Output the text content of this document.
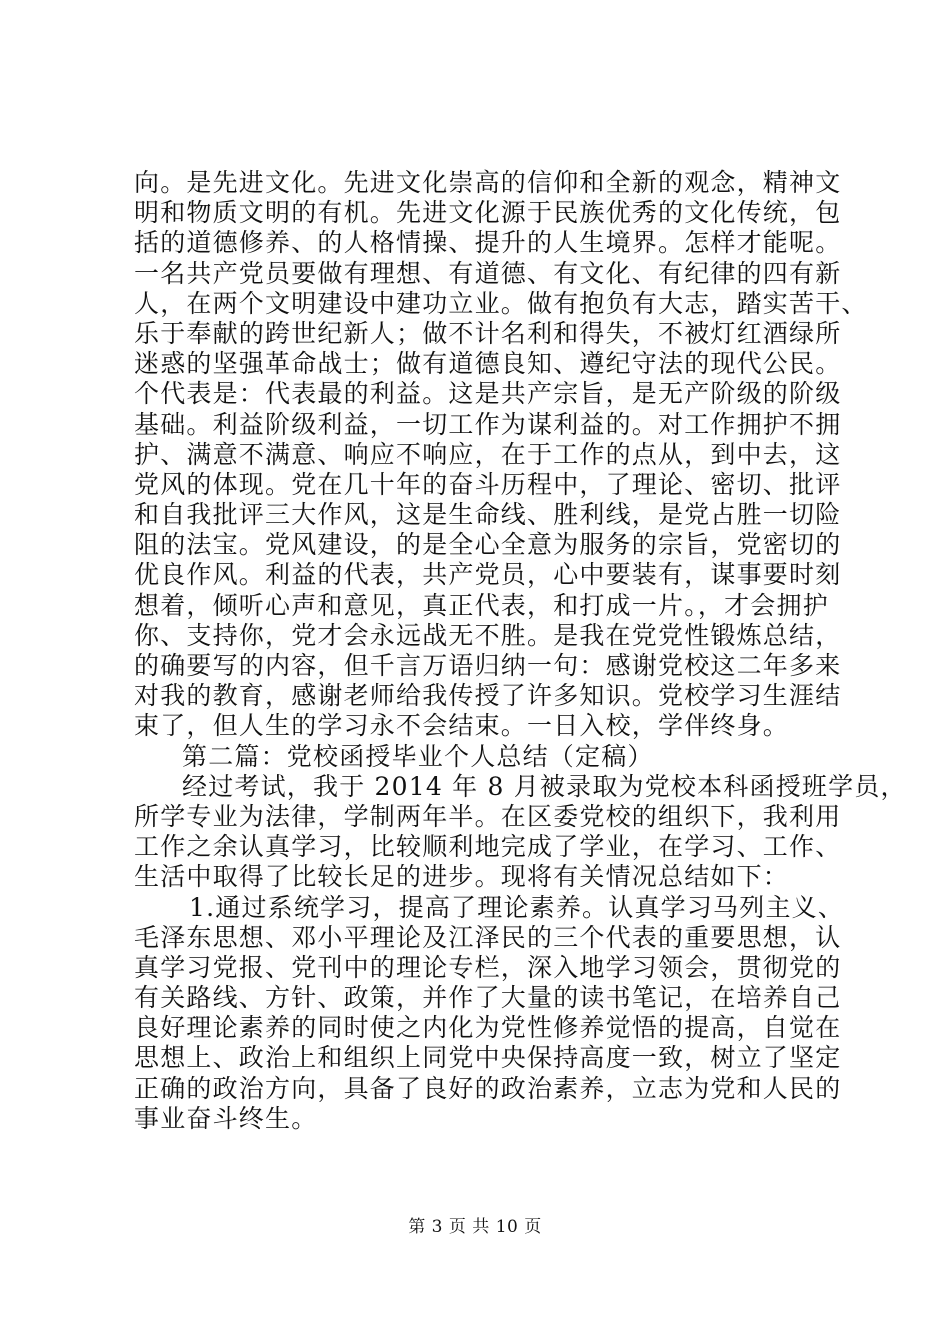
向。是先进文化。先进文化崇高的信仰和全新的观念，精神文
明和物质文明的有机。先进文化源于民族优秀的文化传统，包
括的道德修养、的人格情操、提升的人生境界。怎样才能呢。
一名共产党员要做有理想、有道德、有文化、有纪律的四有新
人，在两个文明建设中建功立业。做有抱负有大志，踏实苦干、
乐于奉献的跨世纪新人；做不计名利和得失，不被灯红酒绿所
迷惑的坚强革命战士；做有道德良知、遵纪守法的现代公民。
个代表是：代表最的利益。这是共产宗旨，是无产阶级的阶级
基础。利益阶级利益，一切工作为谋利益的。对工作拥护不拥
护、满意不满意、响应不响应，在于工作的点从，到中去，这
党风的体现。党在几十年的奋斗历程中，了理论、密切、批评
和自我批评三大作风，这是生命线、胜利线，是党占胜一切险
阻的法宝。党风建设，的是全心全意为服务的宗旨，党密切的
优良作风。利益的代表，共产党员，心中要装有，谋事要时刻
想着，倾听心声和意见，真正代表，和打成一片。，才会拥护
你、支持你，党才会永远战无不胜。是我在党党性锻炼总结，
的确要写的内容，但千言万语归纳一句：感谢党校这二年多来
对我的教育，感谢老师给我传授了许多知识。党校学习生涯结
束了，但人生的学习永不会结束。一日入校，学伴终身。
第二篇：党校函授毕业个人总结（定稿）
经过考试，我于 2014 年 8 月被录取为党校本科函授班学员，
所学专业为法律，学制两年半。在区委党校的组织下，我利用
工作之余认真学习，比较顺利地完成了学业，在学习、工作、
生活中取得了比较长足的进步。现将有关情况总结如下：
1.通过系统学习，提高了理论素养。认真学习马列主义、
毛泽东思想、邓小平理论及江泽民的三个代表的重要思想，认
真学习党报、党刊中的理论专栏，深入地学习领会，贯彻党的
有关路线、方针、政策，并作了大量的读书笔记，在培养自己
良好理论素养的同时使之内化为党性修养觉悟的提高，自觉在
思想上、政治上和组织上同党中央保持高度一致，树立了坚定
正确的政治方向，具备了良好的政治素养，立志为党和人民的
事业奋斗终生。
第 3 页 共 10 页
